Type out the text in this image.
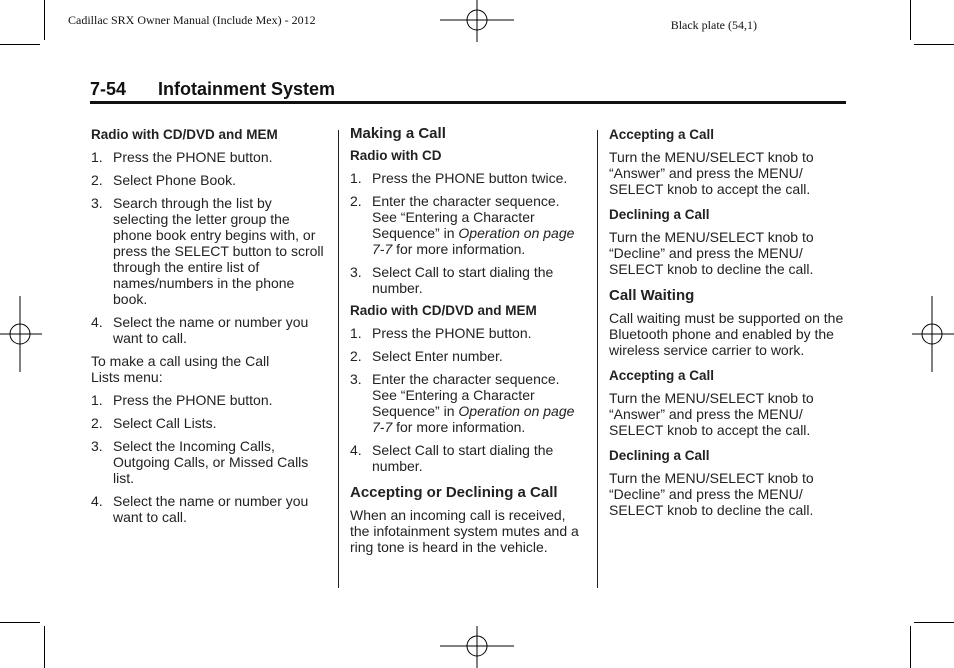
Cadillac SRX Owner Manual (Include Mex) - 2012	Black plate (54,1)
7-54 Infotainment System
Radio with CD/DVD and MEM
1. Press the PHONE button.
2. Select Phone Book.
3. Search through the list by selecting the letter group the phone book entry begins with, or press the SELECT button to scroll through the entire list of names/numbers in the phone book.
4. Select the name or number you want to call.

To make a call using the Call Lists menu:

1. Press the PHONE button.
2. Select Call Lists.
3. Select the Incoming Calls, Outgoing Calls, or Missed Calls list.
4. Select the name or number you want to call.
Making a Call
Radio with CD
1. Press the PHONE button twice.
2. Enter the character sequence. See “Entering a Character Sequence” in Operation on page 7-7 for more information.
3. Select Call to start dialing the number.
Radio with CD/DVD and MEM
1. Press the PHONE button.
2. Select Enter number.
3. Enter the character sequence. See “Entering a Character Sequence” in Operation on page 7-7 for more information.
4. Select Call to start dialing the number.
Accepting or Declining a Call

When an incoming call is received, the infotainment system mutes and a ring tone is heard in the vehicle.

Accepting a Call

Turn the MENU/SELECT knob to “Answer” and press the MENU/ SELECT knob to accept the call.

Declining a Call

Turn the MENU/SELECT knob to “Decline” and press the MENU/ SELECT knob to decline the call.

Call Waiting

Call waiting must be supported on the Bluetooth phone and enabled by the wireless service carrier to work.

Accepting a Call

Turn the MENU/SELECT knob to “Answer” and press the MENU/ SELECT knob to accept the call.

Declining a Call

Turn the MENU/SELECT knob to “Decline” and press the MENU/ SELECT knob to decline the call.
